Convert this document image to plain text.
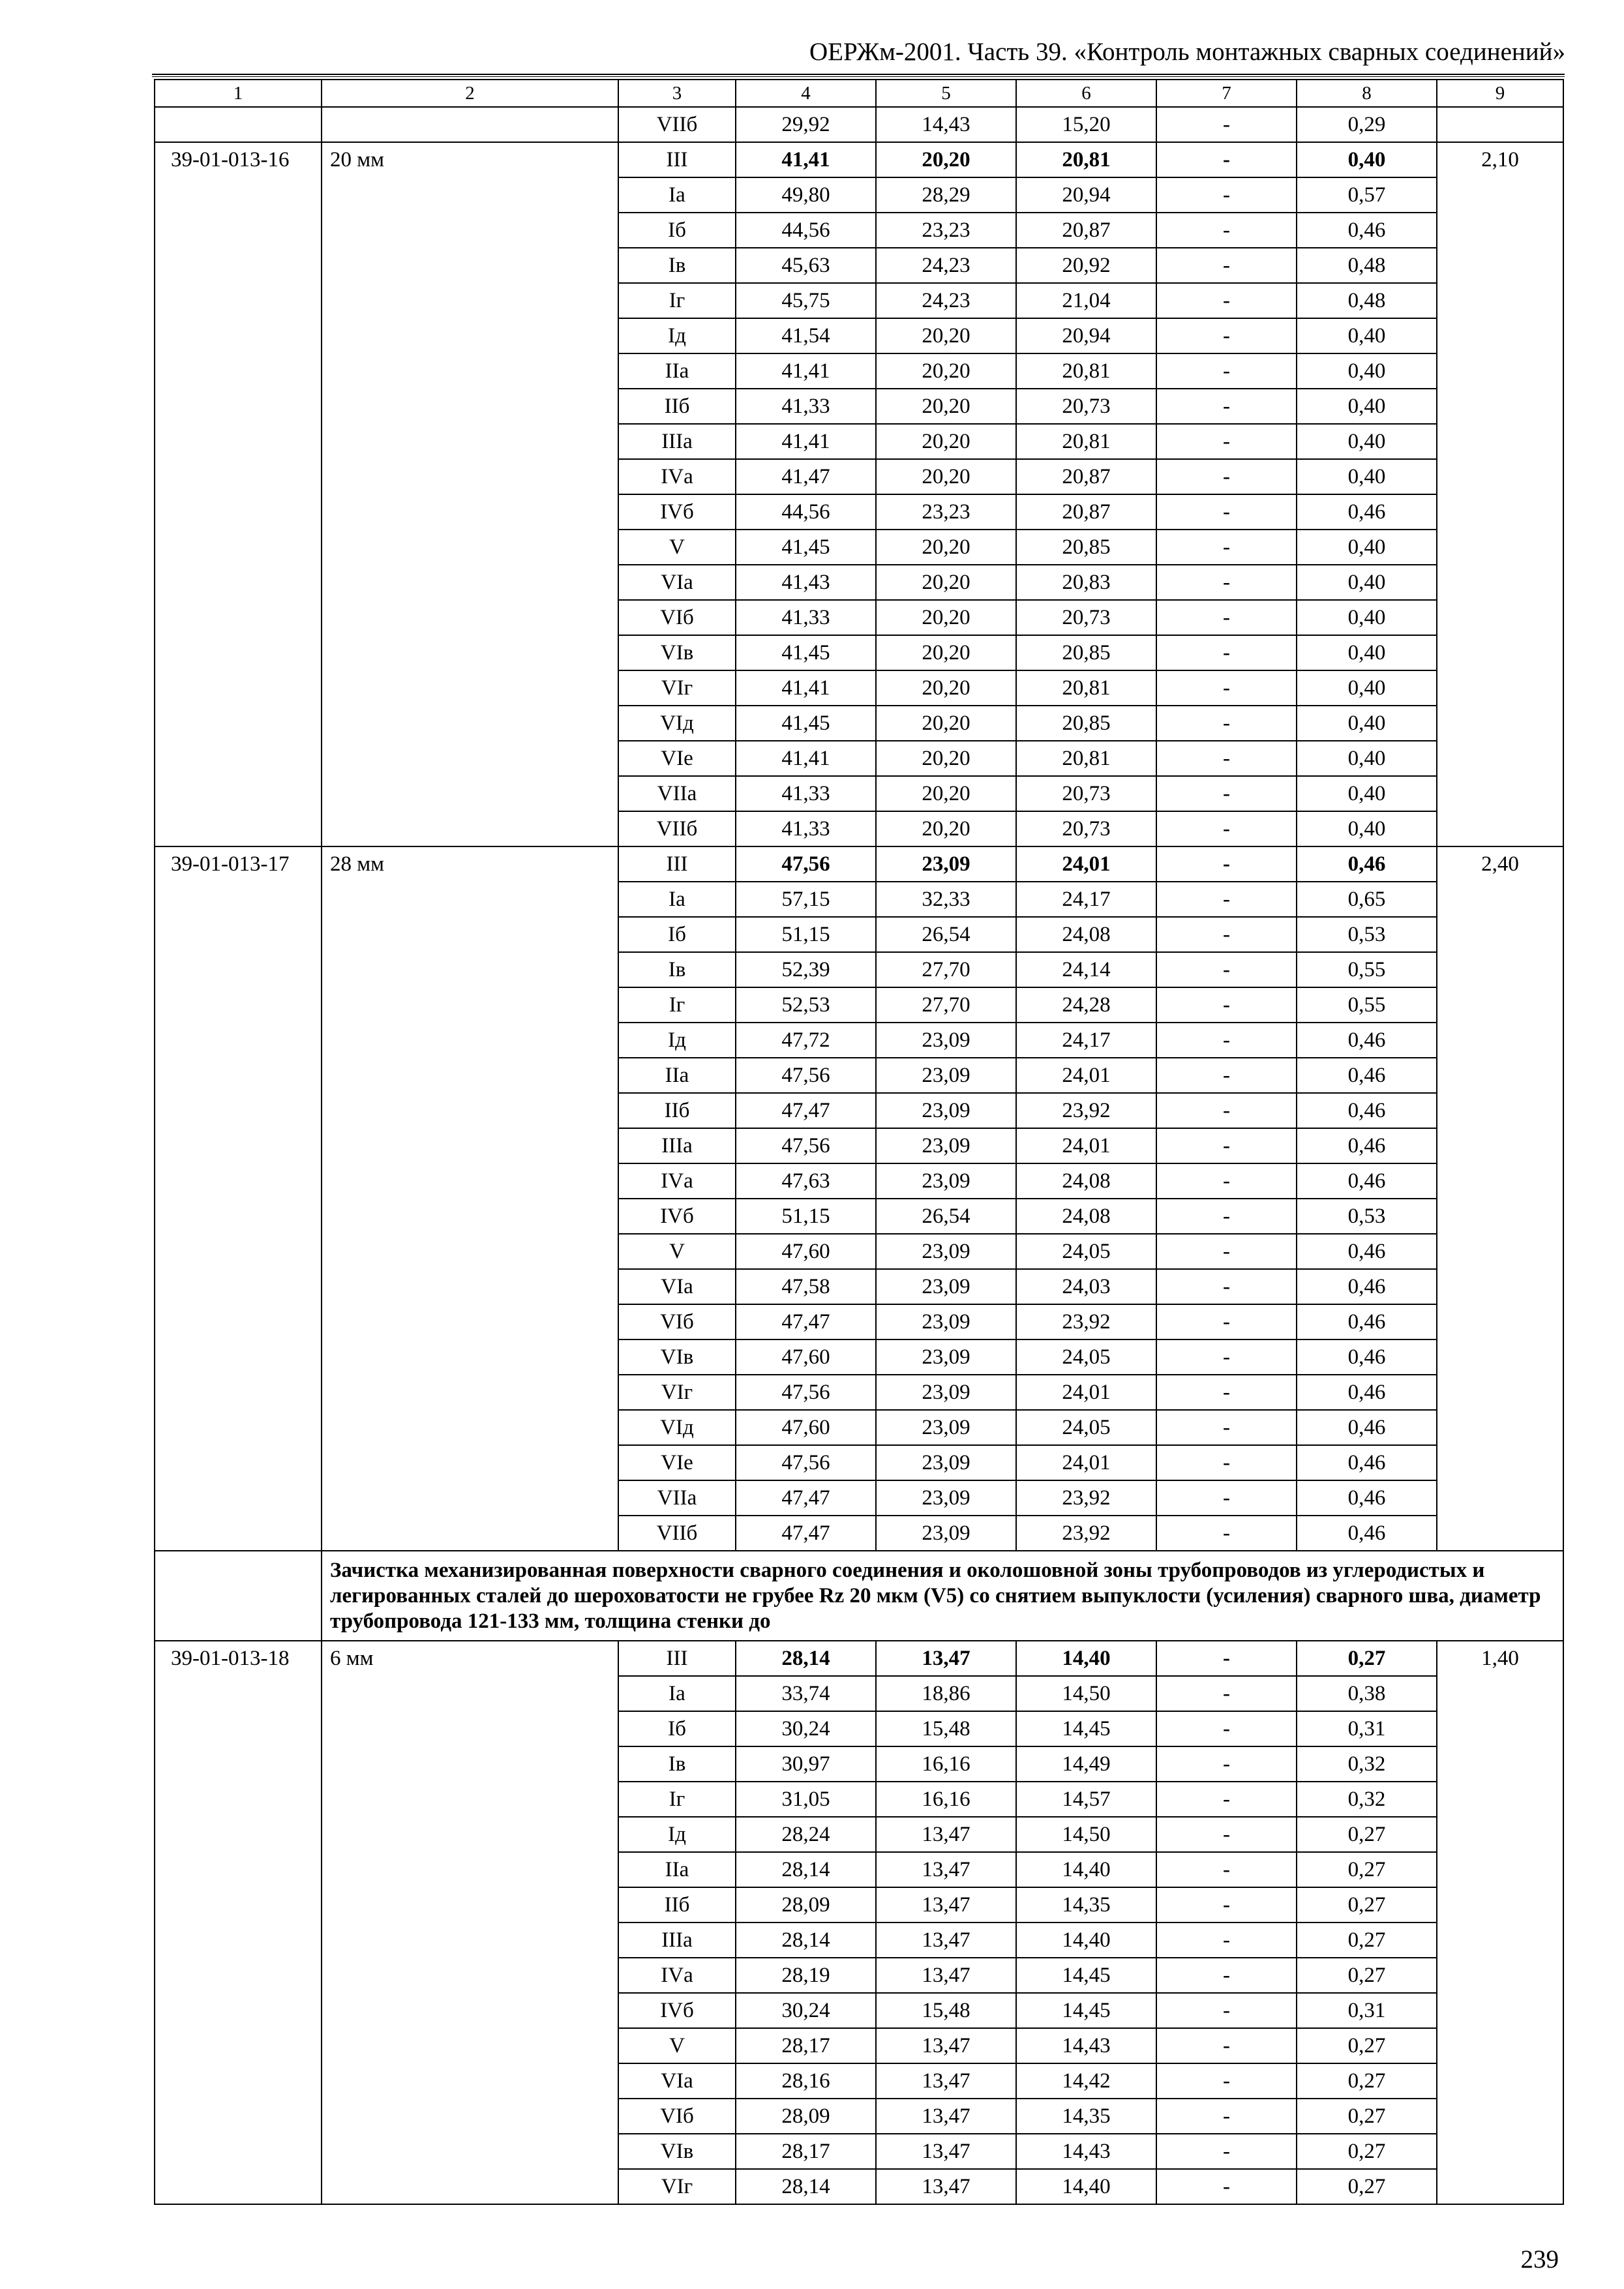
ОЕРЖм-2001. Часть 39. «Контроль монтажных сварных соединений»
1	2	3	4	5	6	7	8	9
		VIIб	29,92	14,43	15,20	-	0,29	
39-01-013-16	20 мм	III	41,41	20,20	20,81	-	0,40	2,10
		Iа	49,80	28,29	20,94	-	0,57	
		Iб	44,56	23,23	20,87	-	0,46	
		Iв	45,63	24,23	20,92	-	0,48	
		Iг	45,75	24,23	21,04	-	0,48	
		Iд	41,54	20,20	20,94	-	0,40	
		IIа	41,41	20,20	20,81	-	0,40	
		IIб	41,33	20,20	20,73	-	0,40	
		IIIа	41,41	20,20	20,81	-	0,40	
		IVа	41,47	20,20	20,87	-	0,40	
		IVб	44,56	23,23	20,87	-	0,46	
		V	41,45	20,20	20,85	-	0,40	
		VIа	41,43	20,20	20,83	-	0,40	
		VIб	41,33	20,20	20,73	-	0,40	
		VIв	41,45	20,20	20,85	-	0,40	
		VIг	41,41	20,20	20,81	-	0,40	
		VIд	41,45	20,20	20,85	-	0,40	
		VIе	41,41	20,20	20,81	-	0,40	
		VIIа	41,33	20,20	20,73	-	0,40	
		VIIб	41,33	20,20	20,73	-	0,40	
39-01-013-17	28 мм	III	47,56	23,09	24,01	-	0,46	2,40
		Iа	57,15	32,33	24,17	-	0,65	
		Iб	51,15	26,54	24,08	-	0,53	
		Iв	52,39	27,70	24,14	-	0,55	
		Iг	52,53	27,70	24,28	-	0,55	
		Iд	47,72	23,09	24,17	-	0,46	
		IIа	47,56	23,09	24,01	-	0,46	
		IIб	47,47	23,09	23,92	-	0,46	
		IIIа	47,56	23,09	24,01	-	0,46	
		IVа	47,63	23,09	24,08	-	0,46	
		IVб	51,15	26,54	24,08	-	0,53	
		V	47,60	23,09	24,05	-	0,46	
		VIа	47,58	23,09	24,03	-	0,46	
		VIб	47,47	23,09	23,92	-	0,46	
		VIв	47,60	23,09	24,05	-	0,46	
		VIг	47,56	23,09	24,01	-	0,46	
		VIд	47,60	23,09	24,05	-	0,46	
		VIе	47,56	23,09	24,01	-	0,46	
		VIIа	47,47	23,09	23,92	-	0,46	
		VIIб	47,47	23,09	23,92	-	0,46	
	Зачистка механизированная поверхности сварного соединения и околошовной зоны трубопроводов из углеродистых и легированных сталей до шероховатости не грубее Rz 20 мкм (V5) со снятием выпуклости (усиления) сварного шва, диаметр трубопровода 121-133 мм, толщина стенки до							
39-01-013-18	6 мм	III	28,14	13,47	14,40	-	0,27	1,40
		Iа	33,74	18,86	14,50	-	0,38	
		Iб	30,24	15,48	14,45	-	0,31	
		Iв	30,97	16,16	14,49	-	0,32	
		Iг	31,05	16,16	14,57	-	0,32	
		Iд	28,24	13,47	14,50	-	0,27	
		IIа	28,14	13,47	14,40	-	0,27	
		IIб	28,09	13,47	14,35	-	0,27	
		IIIа	28,14	13,47	14,40	-	0,27	
		IVа	28,19	13,47	14,45	-	0,27	
		IVб	30,24	15,48	14,45	-	0,31	
		V	28,17	13,47	14,43	-	0,27	
		VIа	28,16	13,47	14,42	-	0,27	
		VIб	28,09	13,47	14,35	-	0,27	
		VIв	28,17	13,47	14,43	-	0,27	
		VIг	28,14	13,47	14,40	-	0,27	
239
